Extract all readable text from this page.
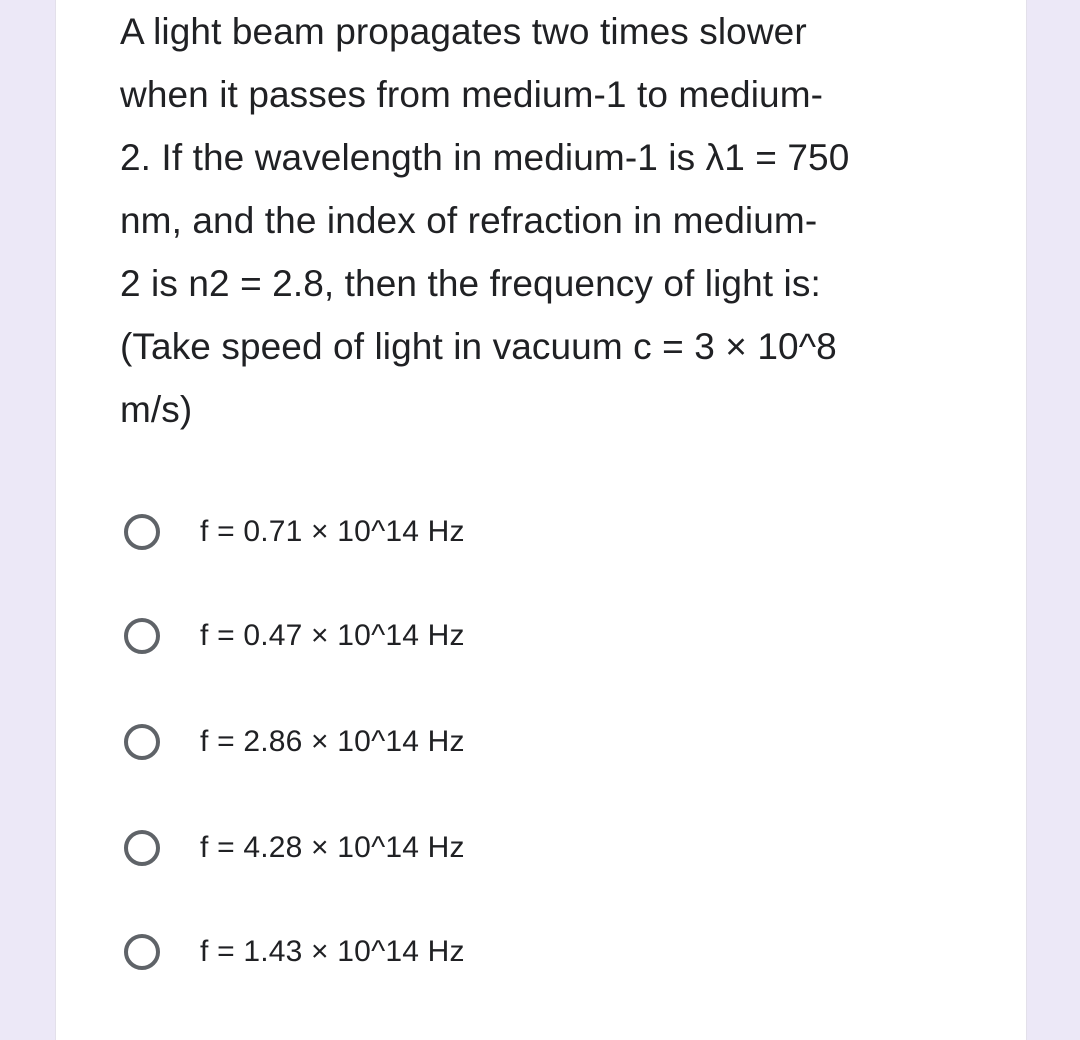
A light beam propagates two times slower
when it passes from medium-1 to medium-
2. If the wavelength in medium-1 is λ1 = 750
nm, and the index of refraction in medium-
2 is n2 = 2.8, then the frequency of light is:
(Take speed of light in vacuum c = 3 × 10^8
m/s)
f = 0.71 × 10^14 Hz
f = 0.47 × 10^14 Hz
f = 2.86 × 10^14 Hz
f = 4.28 × 10^14 Hz
f = 1.43 × 10^14 Hz
